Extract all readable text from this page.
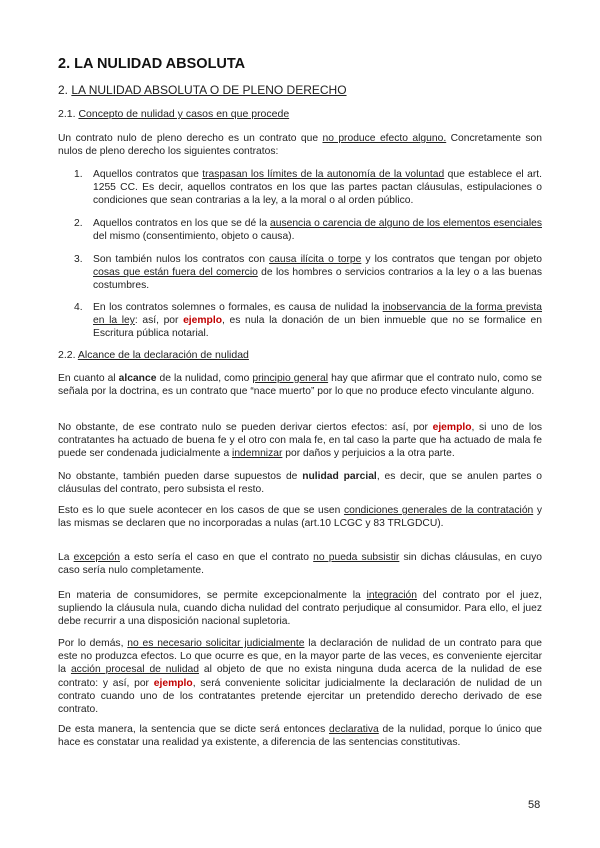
2. LA NULIDAD ABSOLUTA
2. LA NULIDAD ABSOLUTA O DE PLENO DERECHO
2.1. Concepto de nulidad y casos en que procede

Un contrato nulo de pleno derecho es un contrato que no produce efecto alguno. Concretamente son nulos de pleno derecho los siguientes contratos:

1. Aquellos contratos que traspasan los límites de la autonomía de la voluntad que establece el art. 1255 CC. Es decir, aquellos contratos en los que las partes pactan cláusulas, estipulaciones o condiciones que sean contrarias a la ley, a la moral o al orden público.
2. Aquellos contratos en los que se dé la ausencia o carencia de alguno de los elementos esenciales del mismo (consentimiento, objeto o causa).
3. Son también nulos los contratos con causa ilícita o torpe y los contratos que tengan por objeto cosas que están fuera del comercio de los hombres o servicios contrarios a la ley o a las buenas costumbres.
4. En los contratos solemnes o formales, es causa de nulidad la inobservancia de la forma prevista en la ley: así, por ejemplo, es nula la donación de un bien inmueble que no se formalice en Escritura pública notarial.
2.2. Alcance de la declaración de nulidad

En cuanto al alcance de la nulidad, como principio general hay que afirmar que el contrato nulo, como se señala por la doctrina, es un contrato que “nace muerto” por lo que no produce efecto vinculante alguno.

No obstante, de ese contrato nulo se pueden derivar ciertos efectos: así, por ejemplo, si uno de los contratantes ha actuado de buena fe y el otro con mala fe, en tal caso la parte que ha actuado de mala fe puede ser condenada judicialmente a indemnizar por daños y perjuicios a la otra parte.

No obstante, también pueden darse supuestos de nulidad parcial, es decir, que se anulen partes o cláusulas del contrato, pero subsista el resto.

Esto es lo que suele acontecer en los casos de que se usen condiciones generales de la contratación y las mismas se declaren que no incorporadas a nulas (art.10 LCGC y 83 TRLGDCU).

La excepción a esto sería el caso en que el contrato no pueda subsistir sin dichas cláusulas, en cuyo caso sería nulo completamente.

En materia de consumidores, se permite excepcionalmente la integración del contrato por el juez, supliendo la cláusula nula, cuando dicha nulidad del contrato perjudique al consumidor. Para ello, el juez debe recurrir a una disposición nacional supletoria.

Por lo demás, no es necesario solicitar judicialmente la declaración de nulidad de un contrato para que este no produzca efectos. Lo que ocurre es que, en la mayor parte de las veces, es conveniente ejercitar la acción procesal de nulidad al objeto de que no exista ninguna duda acerca de la nulidad de ese contrato: y así, por ejemplo, será conveniente solicitar judicialmente la declaración de nulidad de un contrato cuando uno de los contratantes pretende ejercitar un pretendido derecho derivado de ese contrato.

De esta manera, la sentencia que se dicte será entonces declarativa de la nulidad, porque lo único que hace es constatar una realidad ya existente, a diferencia de las sentencias constitutivas.

58
